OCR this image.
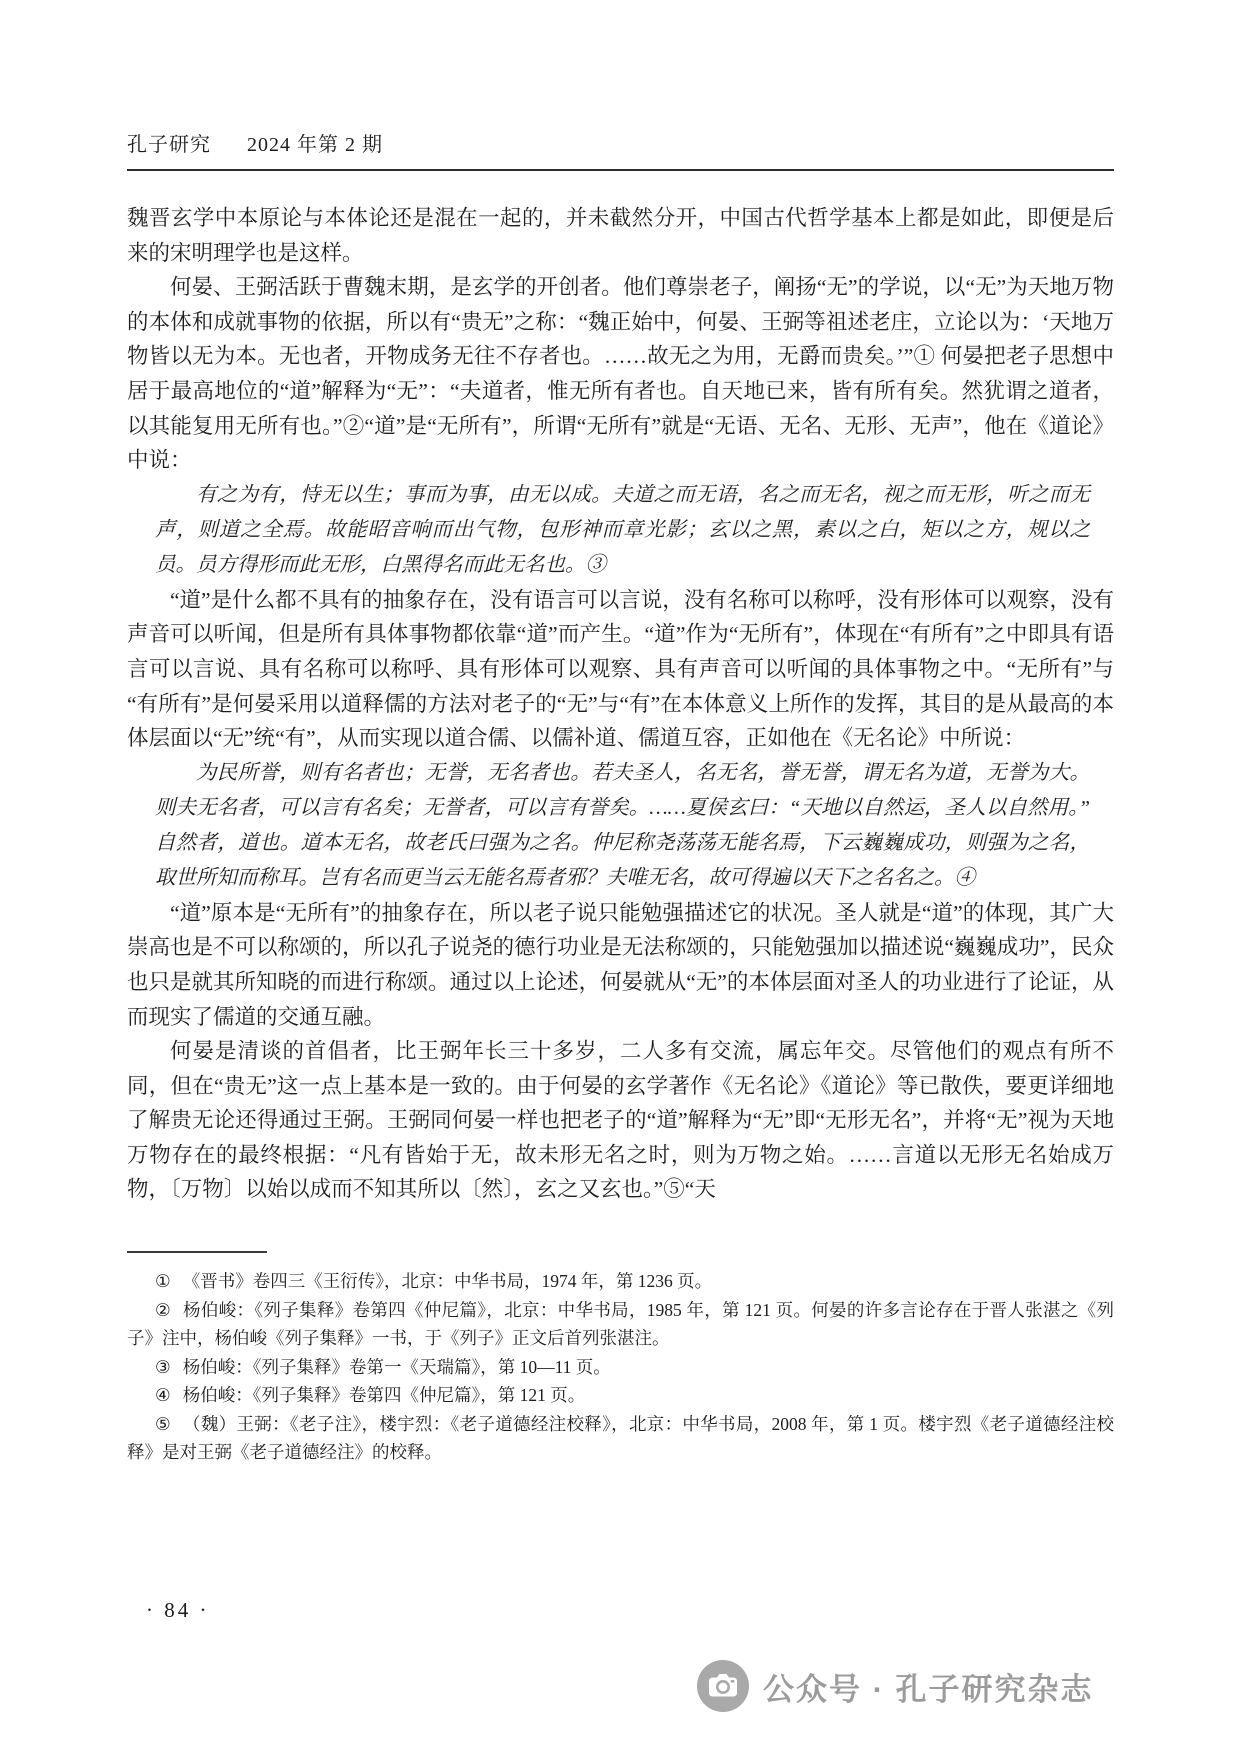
孔子研究 2024 年第 2 期

魏晋玄学中本原论与本体论还是混在一起的，并未截然分开，中国古代哲学基本上都是如此，即便是后来的宋明理学也是这样。

何晏、王弼活跃于曹魏末期，是玄学的开创者。他们尊崇老子，阐扬“无”的学说，以“无”为天地万物的本体和成就事物的依据，所以有“贵无”之称：“魏正始中，何晏、王弼等祖述老庄，立论以为：‘天地万物皆以无为本。无也者，开物成务无往不存者也。……故无之为用，无爵而贵矣。’”① 何晏把老子思想中居于最高地位的“道”解释为“无”：“夫道者，惟无所有者也。自天地已来，皆有所有矣。然犹谓之道者，以其能复用无所有也。”②“道”是“无所有”，所谓“无所有”就是“无语、无名、无形、无声”，他在《道论》中说：

有之为有，恃无以生；事而为事，由无以成。夫道之而无语，名之而无名，视之而无形，听之而无声，则道之全焉。故能昭音响而出气物，包形神而章光影；玄以之黑，素以之白，矩以之方，规以之员。员方得形而此无形，白黑得名而此无名也。③

“道”是什么都不具有的抽象存在，没有语言可以言说，没有名称可以称呼，没有形体可以观察，没有声音可以听闻，但是所有具体事物都依靠“道”而产生。“道”作为“无所有”，体现在“有所有”之中即具有语言可以言说、具有名称可以称呼、具有形体可以观察、具有声音可以听闻的具体事物之中。“无所有”与“有所有”是何晏采用以道释儒的方法对老子的“无”与“有”在本体意义上所作的发挥，其目的是从最高的本体层面以“无”统“有”，从而实现以道合儒、以儒补道、儒道互容，正如他在《无名论》中所说：

为民所誉，则有名者也；无誉，无名者也。若夫圣人，名无名，誉无誉，谓无名为道，无誉为大。则夫无名者，可以言有名矣；无誉者，可以言有誉矣。……夏侯玄曰：“天地以自然运，圣人以自然用。”自然者，道也。道本无名，故老氏曰强为之名。仲尼称尧荡荡无能名焉，下云巍巍成功，则强为之名，取世所知而称耳。岂有名而更当云无能名焉者邪？夫唯无名，故可得遍以天下之名名之。④

“道”原本是“无所有”的抽象存在，所以老子说只能勉强描述它的状况。圣人就是“道”的体现，其广大崇高也是不可以称颂的，所以孔子说尧的德行功业是无法称颂的，只能勉强加以描述说“巍巍成功”，民众也只是就其所知晓的而进行称颂。通过以上论述，何晏就从“无”的本体层面对圣人的功业进行了论证，从而现实了儒道的交通互融。

何晏是清谈的首倡者，比王弼年长三十多岁，二人多有交流，属忘年交。尽管他们的观点有所不同，但在“贵无”这一点上基本是一致的。由于何晏的玄学著作《无名论》《道论》等已散佚，要更详细地了解贵无论还得通过王弼。王弼同何晏一样也把老子的“道”解释为“无”即“无形无名”，并将“无”视为天地万物存在的最终根据：“凡有皆始于无，故未形无名之时，则为万物之始。……言道以无形无名始成万物，〔万物〕以始以成而不知其所以〔然〕，玄之又玄也。”⑤“天

① 《晋书》卷四三《王衍传》，北京：中华书局，1974 年，第 1236 页。

② 杨伯峻：《列子集释》卷第四《仲尼篇》，北京：中华书局，1985 年，第 121 页。何晏的许多言论存在于晋人张湛之《列子》注中，杨伯峻《列子集释》一书，于《列子》正文后首列张湛注。

③ 杨伯峻：《列子集释》卷第一《天瑞篇》，第 10—11 页。

④ 杨伯峻：《列子集释》卷第四《仲尼篇》，第 121 页。

⑤ （魏）王弼：《老子注》，楼宇烈：《老子道德经注校释》，北京：中华书局，2008 年，第 1 页。楼宇烈《老子道德经注校释》是对王弼《老子道德经注》的校释。

· 84 ·
公众号 · 孔子研究杂志
